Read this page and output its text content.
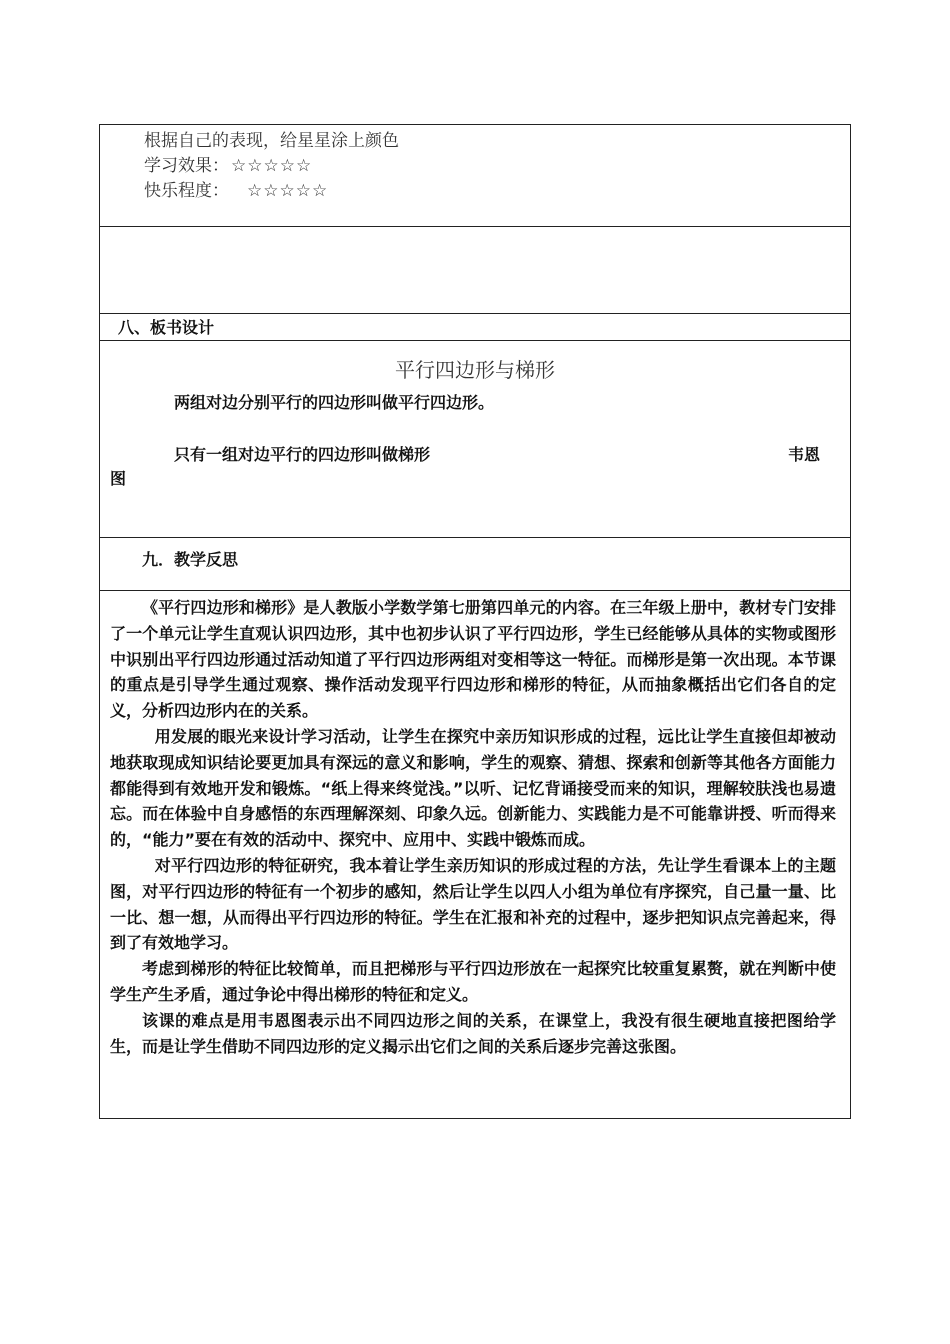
根据自己的表现，给星星涂上颜色
学习效果： ☆☆☆☆☆
快乐程度： ☆☆☆☆☆

八、板书设计

平行四边形与梯形
两组对边分别平行的四边形叫做平行四边形。
只有一组对边平行的四边形叫做梯形	韦恩
图

九．教学反思

《平行四边形和梯形》是人教版小学数学第七册第四单元的内容。在三年级上册中，教材专门安排了一个单元让学生直观认识四边形，其中也初步认识了平行四边形，学生已经能够从具体的实物或图形中识别出平行四边形通过活动知道了平行四边形两组对变相等这一特征。而梯形是第一次出现。本节课的重点是引导学生通过观察、操作活动发现平行四边形和梯形的特征，从而抽象概括出它们各自的定义，分析四边形内在的关系。

用发展的眼光来设计学习活动，让学生在探究中亲历知识形成的过程，远比让学生直接但却被动地获取现成知识结论要更加具有深远的意义和影响，学生的观察、猜想、探索和创新等其他各方面能力都能得到有效地开发和锻炼。“纸上得来终觉浅。”以听、记忆背诵接受而来的知识，理解较肤浅也易遗忘。而在体验中自身感悟的东西理解深刻、印象久远。创新能力、实践能力是不可能靠讲授、听而得来的，“能力”要在有效的活动中、探究中、应用中、实践中锻炼而成。

对平行四边形的特征研究，我本着让学生亲历知识的形成过程的方法，先让学生看课本上的主题图，对平行四边形的特征有一个初步的感知，然后让学生以四人小组为单位有序探究，自己量一量、比一比、想一想，从而得出平行四边形的特征。学生在汇报和补充的过程中，逐步把知识点完善起来，得到了有效地学习。

考虑到梯形的特征比较简单，而且把梯形与平行四边形放在一起探究比较重复累赘，就在判断中使学生产生矛盾，通过争论中得出梯形的特征和定义。

该课的难点是用韦恩图表示出不同四边形之间的关系，在课堂上，我没有很生硬地直接把图给学生，而是让学生借助不同四边形的定义揭示出它们之间的关系后逐步完善这张图。
